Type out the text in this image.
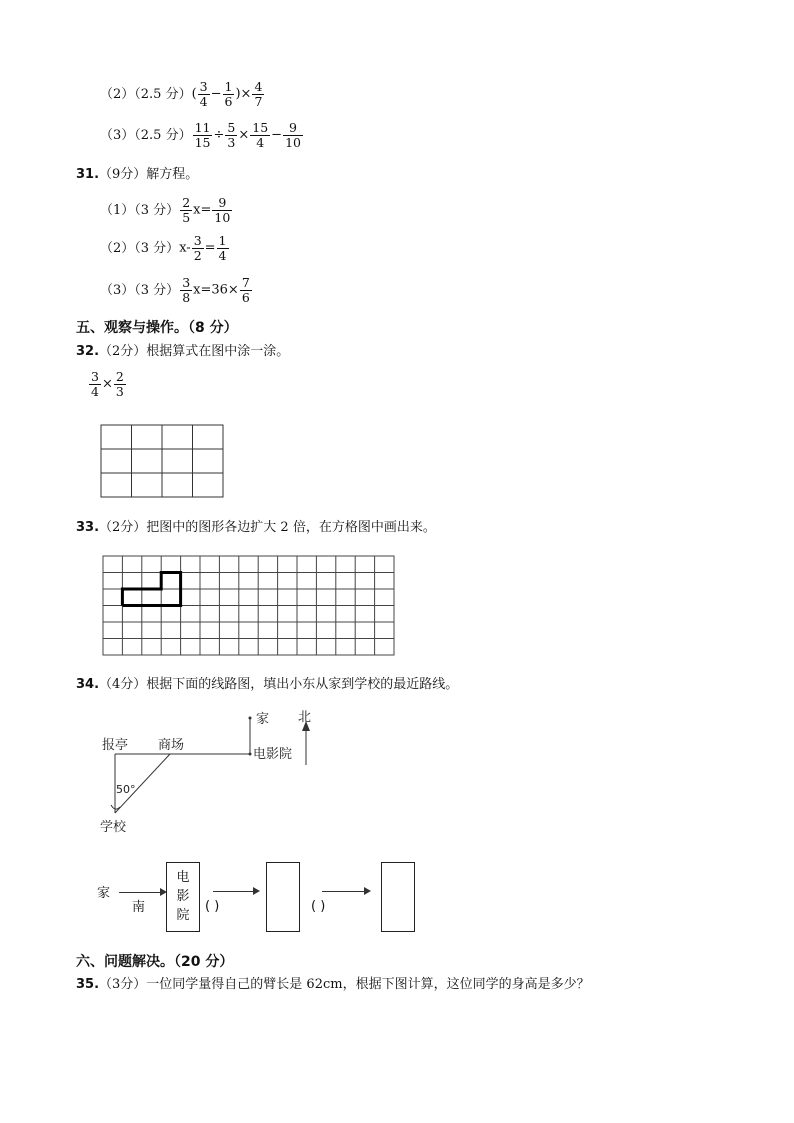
（2）（2.5 分）( $\frac{3}{4} - \frac{1}{6}$ )× $\frac{4}{7}$
（3）（2.5 分） $\frac{11}{15} \div \frac{5}{3} \times \frac{15}{4} - \frac{9}{10}$
31.（9分）解方程。
（1）（3 分） $\frac{2}{5} x= \frac{9}{10}$
（2）（3 分）$x- \frac{3}{2} = \frac{1}{4}$
（3）（3 分） $\frac{3}{8} x=36\times \frac{7}{6}$
五、观察与操作。（8 分）
32.（2分）根据算式在图中涂一涂。
$\frac{3}{4} \times \frac{2}{3}$
33.（2分）把图中的图形各边扩大 2 倍，在方格图中画出来。
34.（4分）根据下面的线路图，填出小东从家到学校的最近路线。
报亭 商场
家 北
电影院
50°
学校
家
南
电
影
院
( )	( )
六、问题解决。（20 分）
35.（3分）一位同学量得自己的臂长是 62cm，根据下图计算，这位同学的身高是多少？
